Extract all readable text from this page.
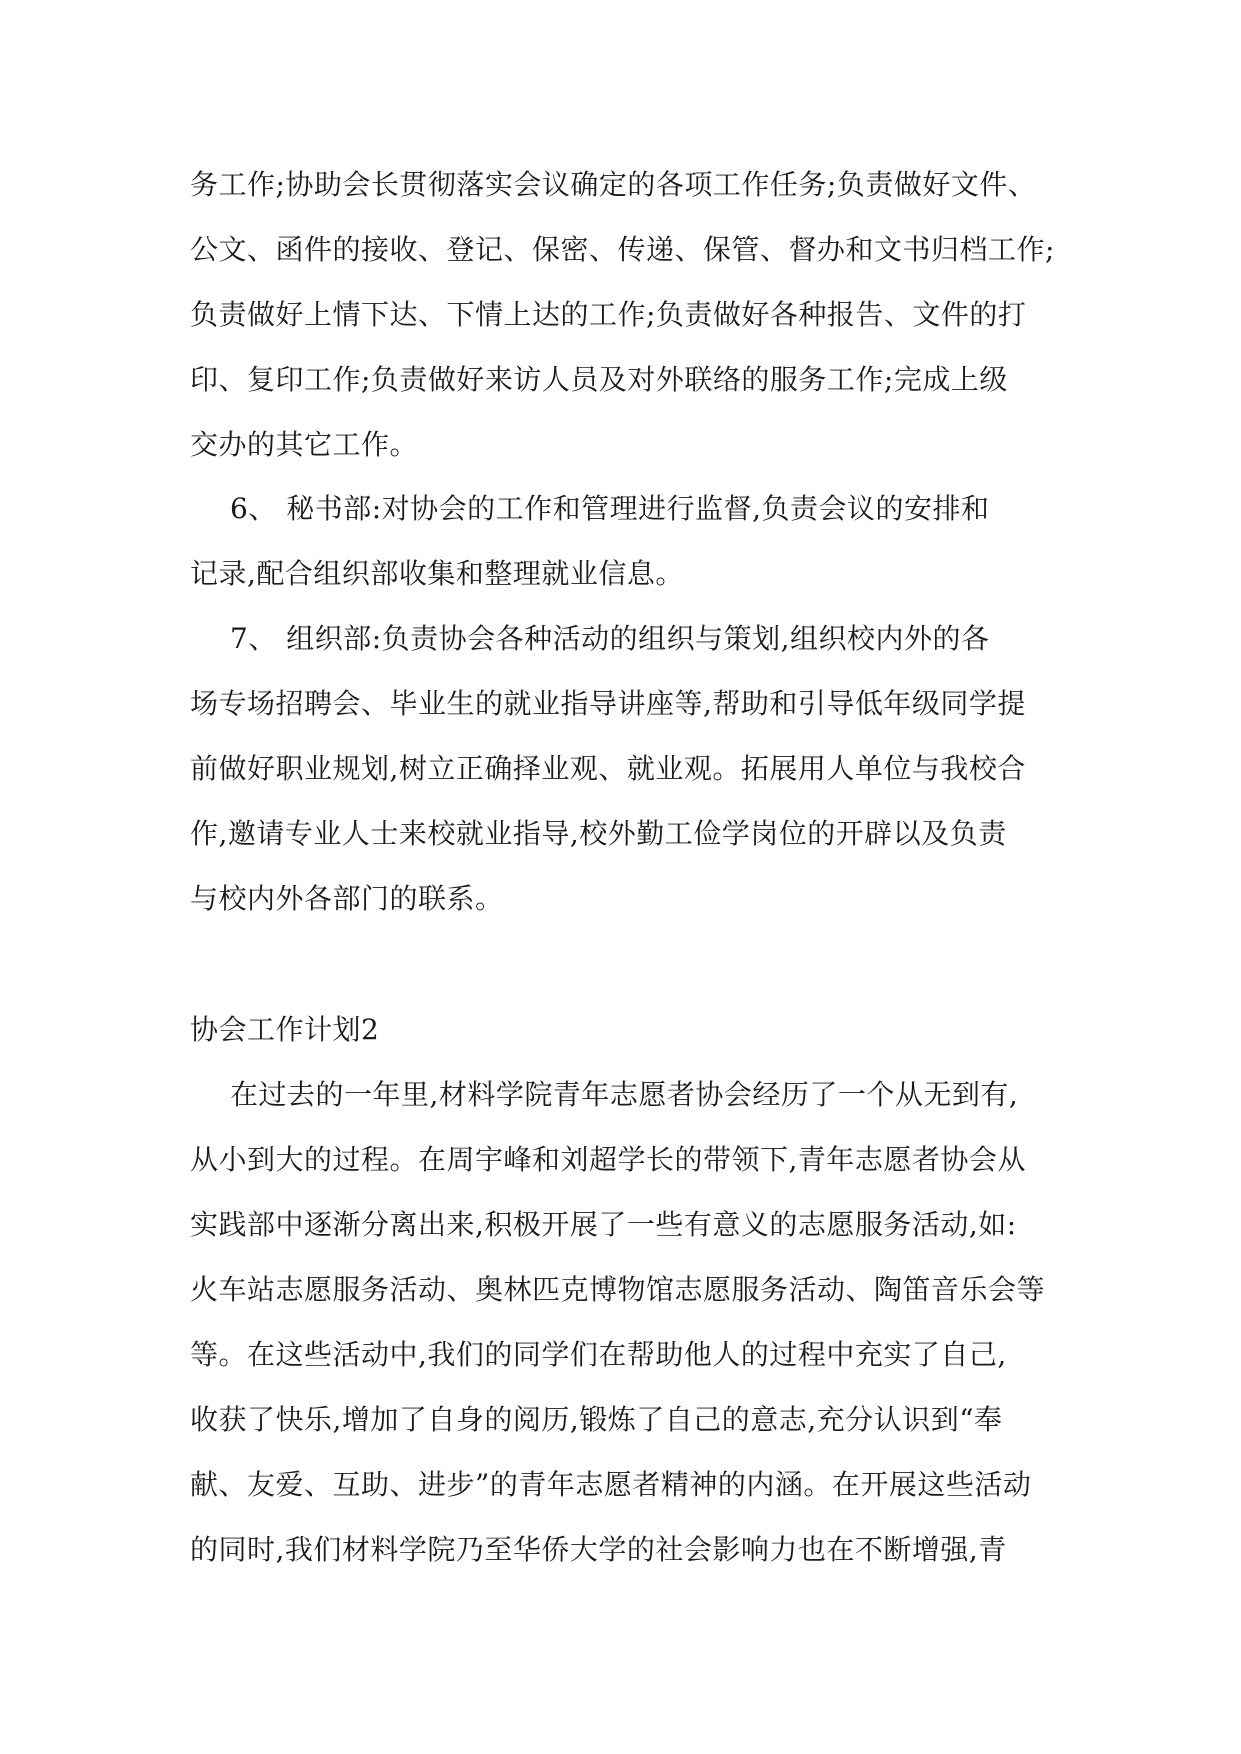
务工作;协助会长贯彻落实会议确定的各项工作任务;负责做好文件、
公文、函件的接收、登记、保密、传递、保管、督办和文书归档工作;
负责做好上情下达、下情上达的工作;负责做好各种报告、文件的打
印、复印工作;负责做好来访人员及对外联络的服务工作;完成上级
交办的其它工作。
6、 秘书部:对协会的工作和管理进行监督,负责会议的安排和
记录,配合组织部收集和整理就业信息。
7、 组织部:负责协会各种活动的组织与策划,组织校内外的各
场专场招聘会、毕业生的就业指导讲座等,帮助和引导低年级同学提
前做好职业规划,树立正确择业观、就业观。拓展用人单位与我校合
作,邀请专业人士来校就业指导,校外勤工俭学岗位的开辟以及负责
与校内外各部门的联系。
协会工作计划2
在过去的一年里,材料学院青年志愿者协会经历了一个从无到有,
从小到大的过程。在周宇峰和刘超学长的带领下,青年志愿者协会从
实践部中逐渐分离出来,积极开展了一些有意义的志愿服务活动,如:
火车站志愿服务活动、奥林匹克博物馆志愿服务活动、陶笛音乐会等
等。在这些活动中,我们的同学们在帮助他人的过程中充实了自己,
收获了快乐,增加了自身的阅历,锻炼了自己的意志,充分认识到“奉
献、友爱、互助、进步”的青年志愿者精神的内涵。在开展这些活动
的同时,我们材料学院乃至华侨大学的社会影响力也在不断增强,青
